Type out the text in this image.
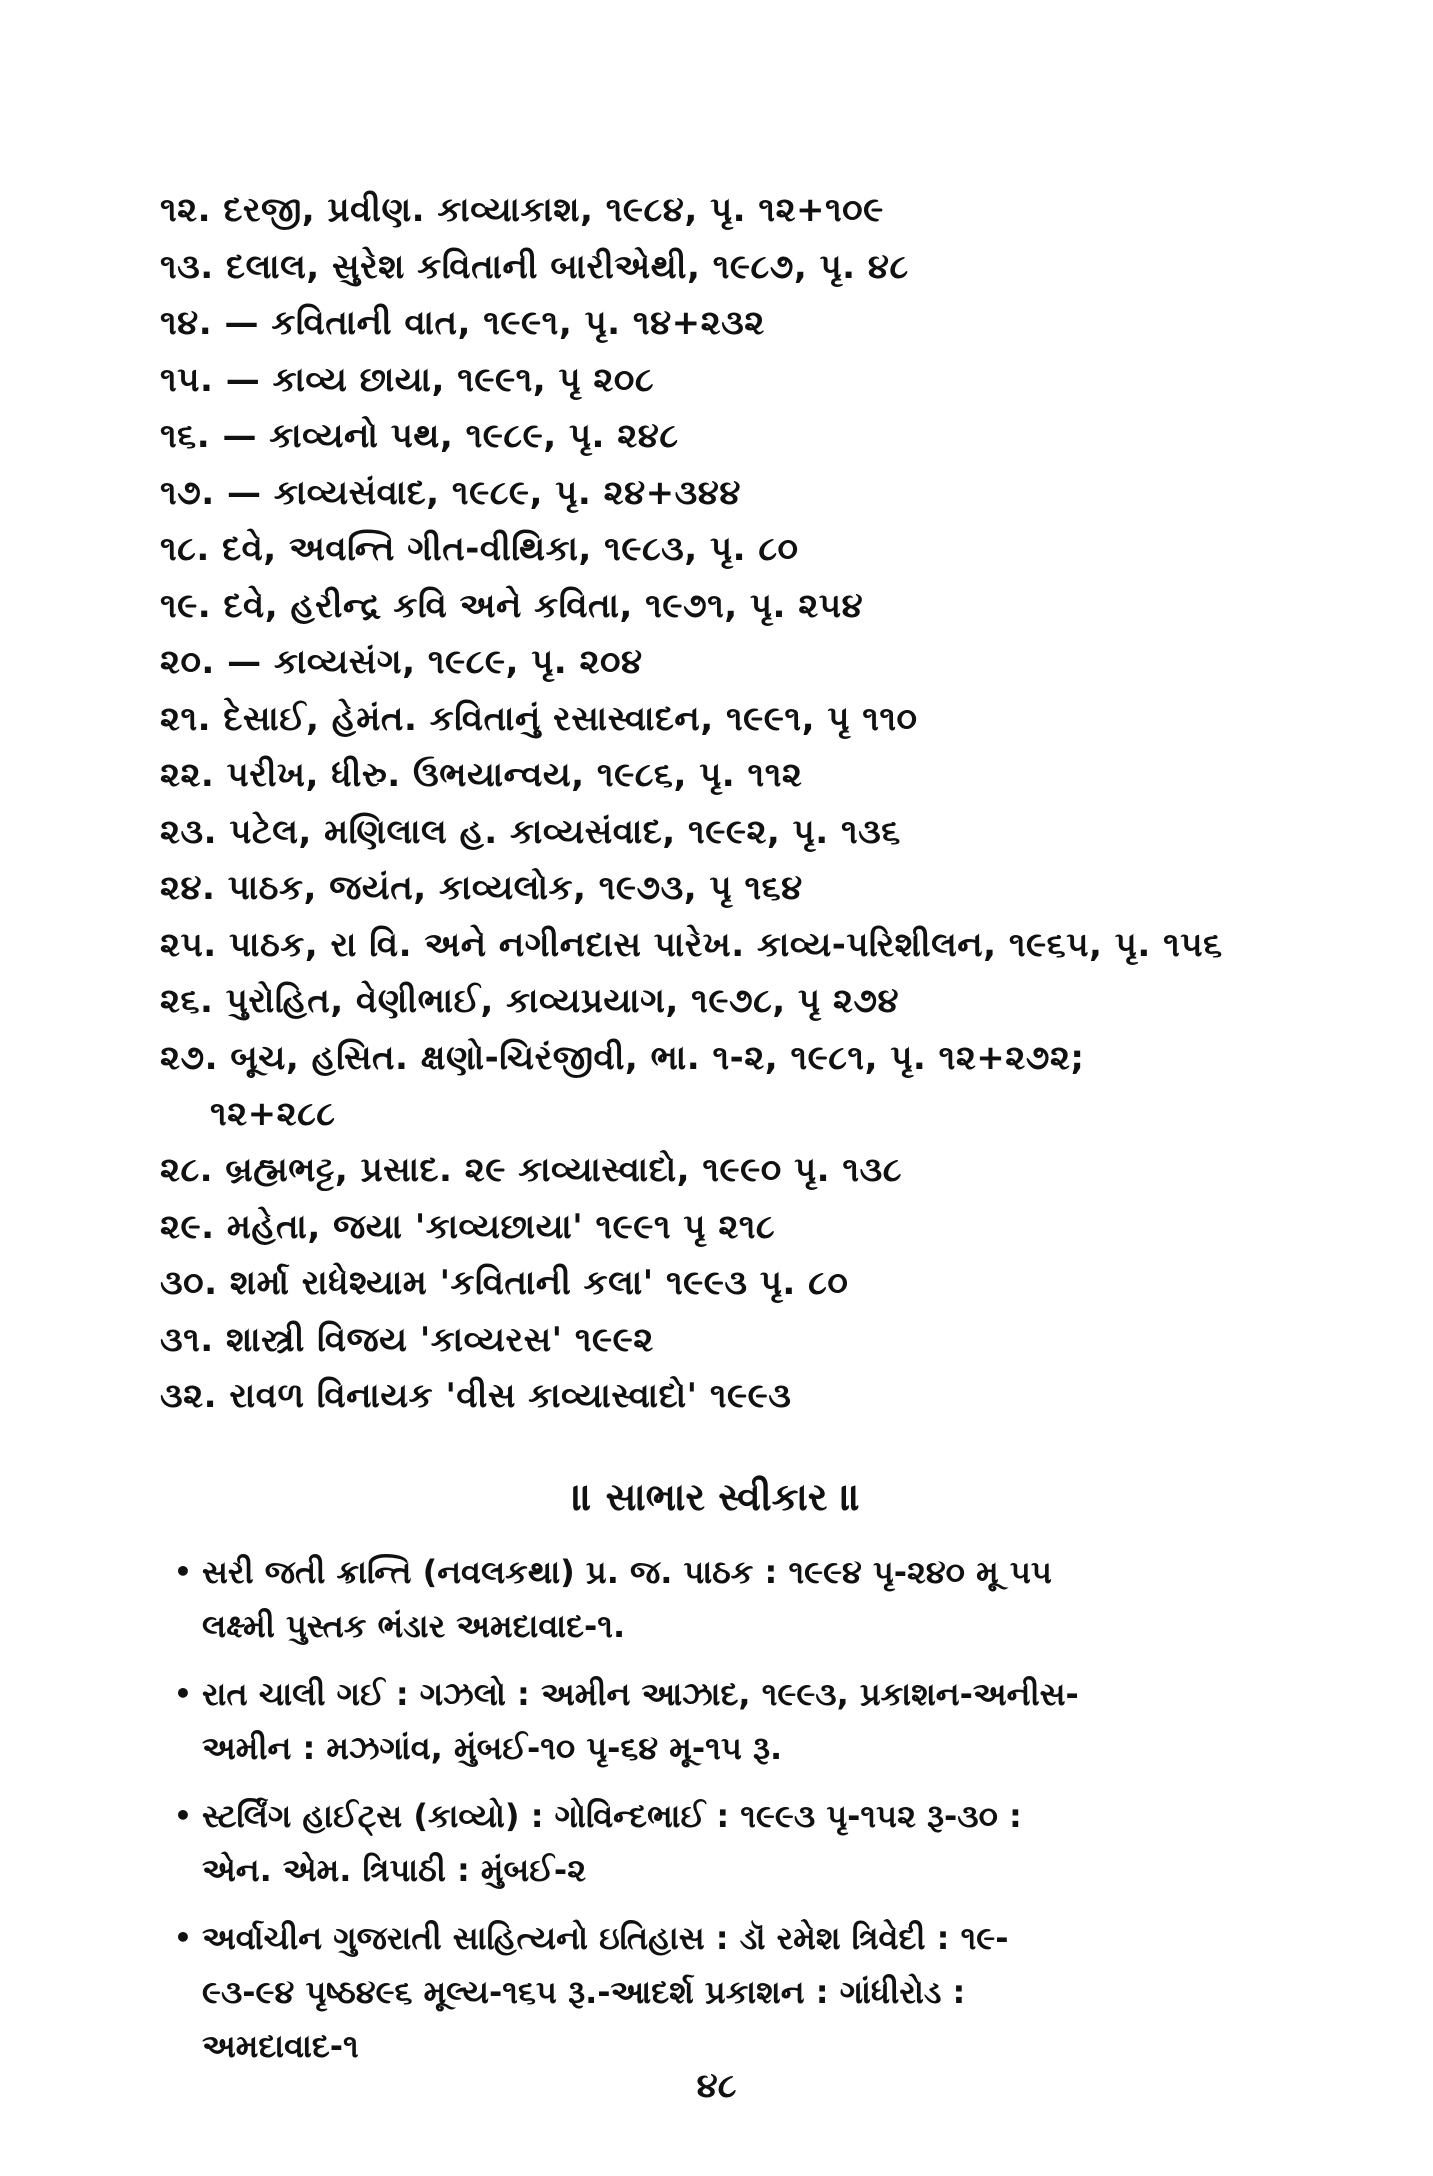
૧૨. દરજી, પ્રવીણ. કાવ્યાકાશ, ૧૯૮૪, પૃ. ૧૨+૧૦૯
૧૩. દલાલ, સુરેશ કવિતાની બારીએથી, ૧૯૮૭, પૃ. ૪૮
૧૪. — કવિતાની વાત, ૧૯૯૧, પૃ. ૧૪+૨૩૨
૧૫. — કાવ્ય છાયા, ૧૯૯૧, પૃ ૨૦૮
૧૬. — કાવ્યનો પથ, ૧૯૮૯, પૃ. ૨૪૮
૧૭. — કાવ્યસંવાદ, ૧૯૮૯, પૃ. ૨૪+૩૪૪
૧૮. દવે, અવન્તિ ગીત-વીથિકા, ૧૯૮૩, પૃ. ૮૦
૧૯. દવે, હરીન્દ્ર કવિ અને કવિતા, ૧૯૭૧, પૃ. ૨૫૪
૨૦. — કાવ્યસંગ, ૧૯૮૯, પૃ. ૨૦૪
૨૧. દેસાઈ, હેમંત. કવિતાનું રસાસ્વાદન, ૧૯૯૧, પૃ ૧૧૦
૨૨. પરીખ, ધીરુ. ઉભયાન્વય, ૧૯૮૬, પૃ. ૧૧૨
૨૩. પટેલ, મણિલાલ હ. કાવ્યસંવાદ, ૧૯૯૨, પૃ. ૧૩૬
૨૪. પાઠક, જયંત, કાવ્યલોક, ૧૯૭૩, પૃ ૧૬૪
૨૫. પાઠક, રા વિ. અને નગીનદાસ પારેખ. કાવ્ય-પરિશીલન, ૧૯૬૫, પૃ. ૧૫૬
૨૬. પુરોહિત, વેણીભાઈ, કાવ્યપ્રયાગ, ૧૯૭૮, પૃ ૨૭૪
૨૭. બૂચ, હસિત. ક્ષણો-ચિરંજીવી, ભા. ૧-૨, ૧૯૮૧, પૃ. ૧૨+૨૭૨;
૧૨+૨૮૮
૨૮. બ્રહ્મભટ્ટ, પ્રસાદ. ૨૯ કાવ્યાસ્વાદો, ૧૯૯૦ પૃ. ૧૩૮
૨૯. મહેતા, જયા 'કાવ્યછાયા' ૧૯૯૧ પૃ ૨૧૮
૩૦. શર્મા રાધેશ્યામ 'કવિતાની કલા' ૧૯૯૩ પૃ. ૮૦
૩૧. શાસ્ત્રી વિજય 'કાવ્યરસ' ૧૯૯૨
૩૨. રાવળ વિનાયક 'વીસ કાવ્યાસ્વાદો' ૧૯૯૩
॥ સાભાર સ્વીકાર ॥
• સરી જતી ક્રાન્તિ (નવલકથા) પ્ર. જ. પાઠક : ૧૯૯૪ પૃ-૨૪૦ મૂ ૫૫
લક્ષ્મી પુસ્તક ભંડાર અમદાવાદ-૧.
• રાત ચાલી ગઈ : ગઝલો : અમીન આઝાદ, ૧૯૯૩, પ્રકાશન-અનીસ-
અમીન : મઝગાંવ, મુંબઈ-૧૦ પૃ-૬૪ મૂ-૧૫ રૂ.
• સ્ટર્લિંગ હાઈટ્સ (કાવ્યો) : ગોવિન્દભાઈ : ૧૯૯૩ પૃ-૧૫૨ રૂ-૩૦ :
એન. એમ. ત્રિપાઠી : મુંબઈ-૨
• અર્વાચીન ગુજરાતી સાહિત્યનો ઇતિહાસ : ડૉ રમેશ ત્રિવેદી : ૧૯-
૯૩-૯૪ પૃષ્ઠ૪૯૬ મૂલ્ય-૧૬૫ રૂ.-આદર્શ પ્રકાશન : ગાંધીરોડ :
અમદાવાદ-૧
૪૮
